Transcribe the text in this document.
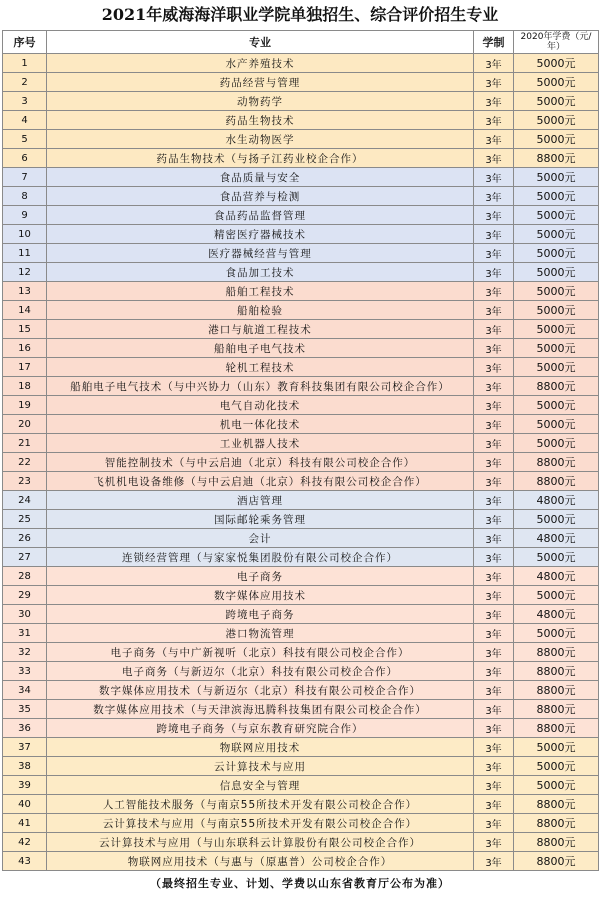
2021年威海海洋职业学院单独招生、综合评价招生专业
序号	专业	学制	2020年学费（元/年）
1	水产养殖技术	3年	5000元
2	药品经营与管理	3年	5000元
3	动物药学	3年	5000元
4	药品生物技术	3年	5000元
5	水生动物医学	3年	5000元
6	药品生物技术（与扬子江药业校企合作）	3年	8800元
7	食品质量与安全	3年	5000元
8	食品营养与检测	3年	5000元
9	食品药品监督管理	3年	5000元
10	精密医疗器械技术	3年	5000元
11	医疗器械经营与管理	3年	5000元
12	食品加工技术	3年	5000元
13	船舶工程技术	3年	5000元
14	船舶检验	3年	5000元
15	港口与航道工程技术	3年	5000元
16	船舶电子电气技术	3年	5000元
17	轮机工程技术	3年	5000元
18	船舶电子电气技术（与中兴协力（山东）教育科技集团有限公司校企合作）	3年	8800元
19	电气自动化技术	3年	5000元
20	机电一体化技术	3年	5000元
21	工业机器人技术	3年	5000元
22	智能控制技术（与中云启迪（北京）科技有限公司校企合作）	3年	8800元
23	飞机机电设备维修（与中云启迪（北京）科技有限公司校企合作）	3年	8800元
24	酒店管理	3年	4800元
25	国际邮轮乘务管理	3年	5000元
26	会计	3年	4800元
27	连锁经营管理（与家家悦集团股份有限公司校企合作）	3年	5000元
28	电子商务	3年	4800元
29	数字媒体应用技术	3年	5000元
30	跨境电子商务	3年	4800元
31	港口物流管理	3年	5000元
32	电子商务（与中广新视听（北京）科技有限公司校企合作）	3年	8800元
33	电子商务（与新迈尔（北京）科技有限公司校企合作）	3年	8800元
34	数字媒体应用技术（与新迈尔（北京）科技有限公司校企合作）	3年	8800元
35	数字媒体应用技术（与天津滨海迅腾科技集团有限公司校企合作）	3年	8800元
36	跨境电子商务（与京东教育研究院合作）	3年	8800元
37	物联网应用技术	3年	5000元
38	云计算技术与应用	3年	5000元
39	信息安全与管理	3年	5000元
40	人工智能技术服务（与南京55所技术开发有限公司校企合作）	3年	8800元
41	云计算技术与应用（与南京55所技术开发有限公司校企合作）	3年	8800元
42	云计算技术与应用（与山东联科云计算股份有限公司校企合作）	3年	8800元
43	物联网应用技术（与惠与（原惠普）公司校企合作）	3年	8800元
（最终招生专业、计划、学费以山东省教育厅公布为准）
